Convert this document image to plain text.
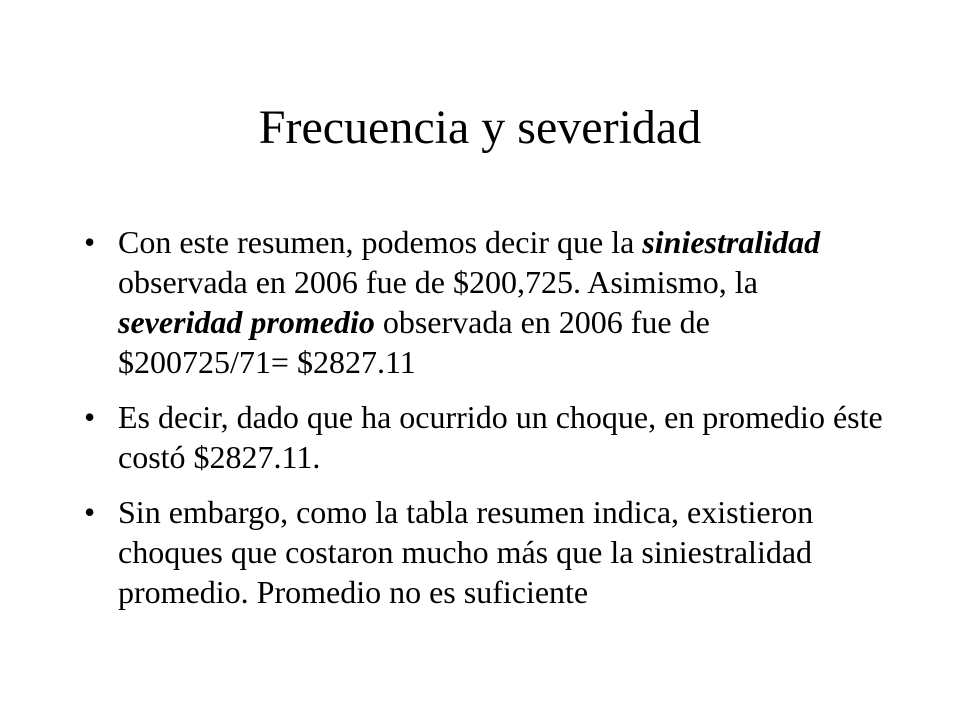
Frecuencia y severidad
• Con este resumen, podemos decir que la siniestralidad observada en 2006 fue de $200,725. Asimismo, la severidad promedio observada en 2006 fue de $200725/71= $2827.11
• Es decir, dado que ha ocurrido un choque, en promedio éste costó $2827.11.
• Sin embargo, como la tabla resumen indica, existieron choques que costaron mucho más que la siniestralidad promedio. Promedio no es suficiente
